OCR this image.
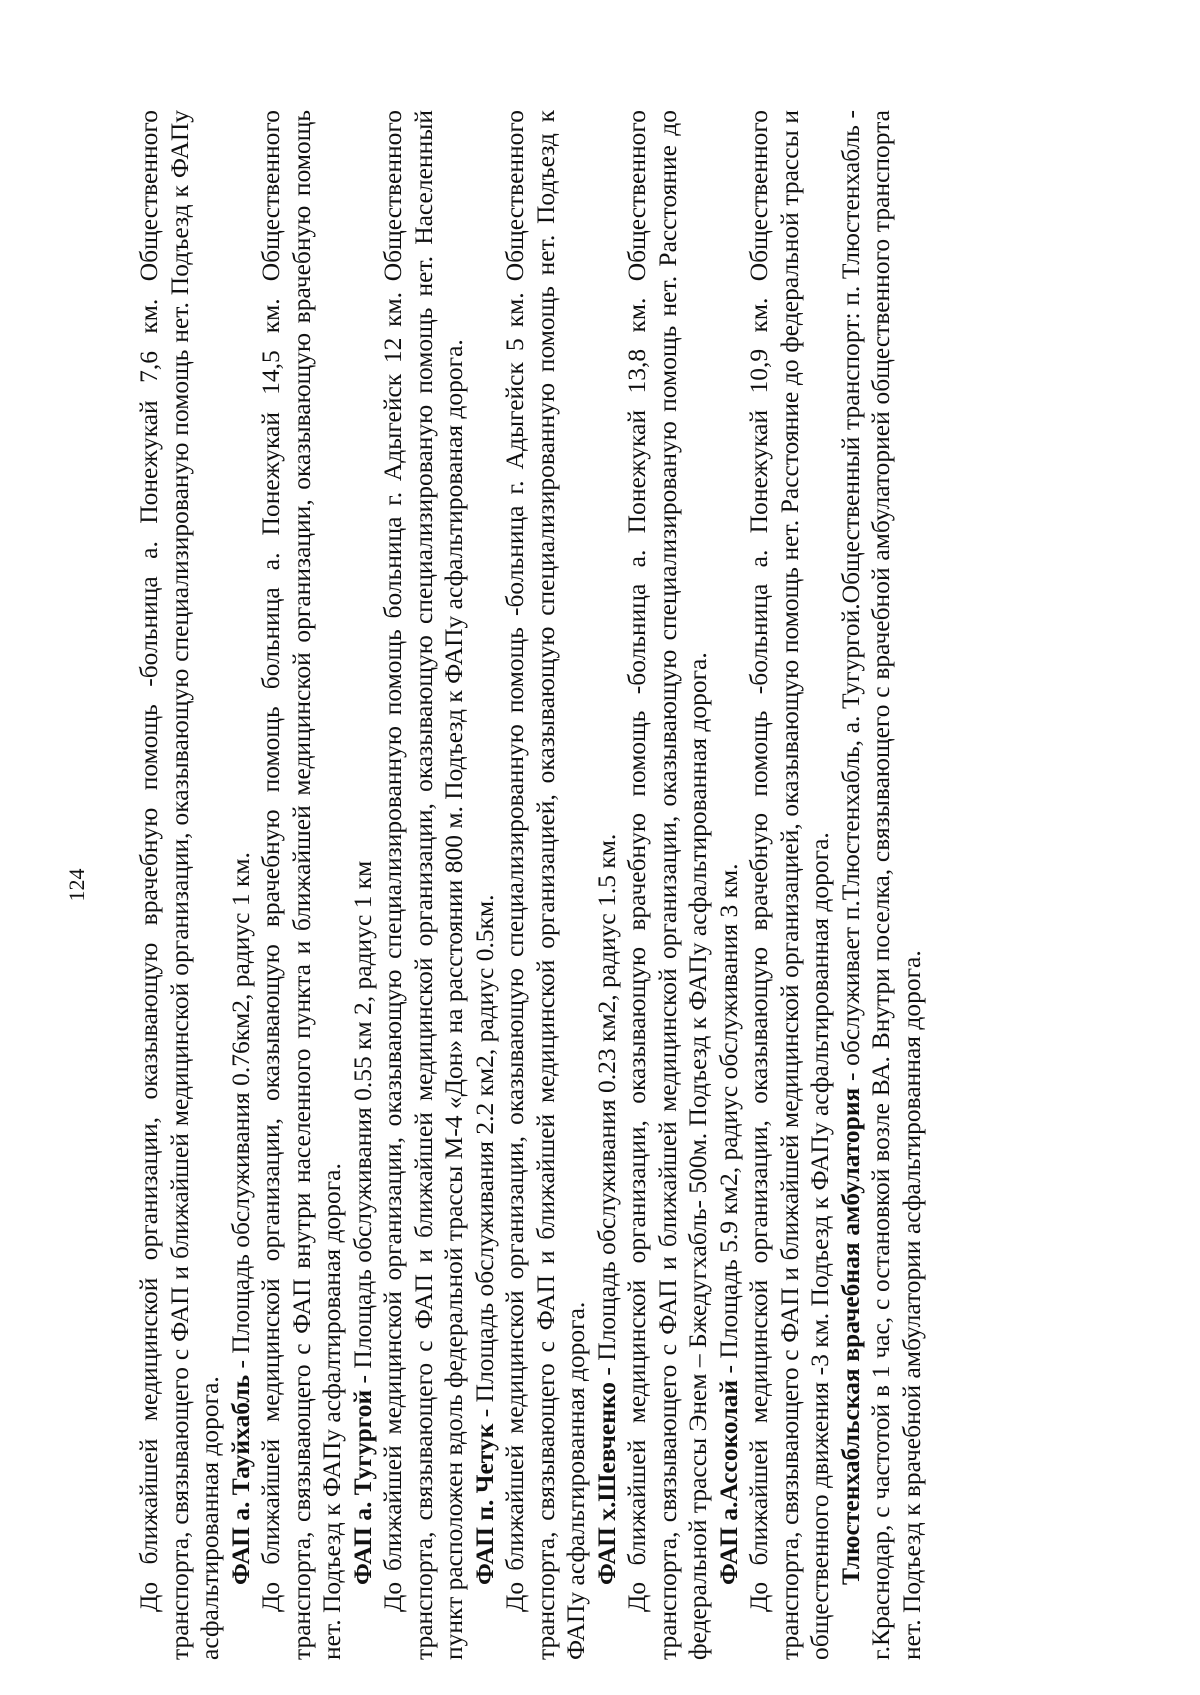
124 До ближайшей медицинской организации, оказывающую врачебную помощь -больница а. Понежукай 7,6 км. Общественного транспорта, связывающего с ФАП и ближайшей медицинской организации, оказывающую специализированую помощь нет. Подъезд к ФАПу асфальтированная дорога. ФАП а. Тауйхабль - Площадь обслуживания 0.76км2, радиус 1 км. До ближайшей медицинской организации, оказывающую врачебную помощь больница а. Понежукай 14,5 км. Общественного транспорта, связывающего с ФАП внутри населенного пункта и ближайшей медицинской организации, оказывающую врачебную помощь нет. Подъезд к ФАПу асфалтированая дорога. ФАП а. Тугургой - Площадь обслуживания 0.55 км 2, радиус 1 км До ближайшей медицинской организации, оказывающую специализированную помощь больница г. Адыгейск 12 км. Общественного транспорта, связывающего с ФАП и ближайшей медицинской организации, оказывающую специализированую помощь нет. Населенный пункт расположен вдоль федеральной трассы М-4 «Дон» на расстоянии 800 м. Подъезд к ФАПу асфальтированая дорога. ФАП п. Четук - Площадь обслуживания 2.2 км2, радиус 0.5км. До ближайшей медицинской организации, оказывающую специализированную помощь -больница г. Адыгейск 5 км. Общественного транспорта, связывающего с ФАП и ближайшей медицинской организацией, оказывающую специализированную помощь нет. Подъезд к ФАПу асфальтированная дорога. ФАП х.Шевченко - Площадь обслуживания 0.23 км2, радиус 1.5 км. До ближайшей медицинской организации, оказывающую врачебную помощь -больница а. Понежукай 13,8 км. Общественного транспорта, связывающего с ФАП и ближайшей медицинской организации, оказывающую специализированую помощь нет. Расстояние до федеральной трассы Энем – Бжедугхабль- 500м. Подъезд к ФАПу асфальтированная дорога. ФАП а.Ассоколай - Площадь 5.9 км2, радиус обслуживания 3 км. До ближайшей медицинской организации, оказывающую врачебную помощь -больница а. Понежукай 10,9 км. Общественного транспорта, связывающего с ФАП и ближайшей медицинской организацией, оказывающую помощь нет. Расстояние до федеральной трассы и общественного движения -3 км. Подъезд к ФАПу асфальтированная дорога. Тлюстенхабльская врачебная амбулатория - обслуживает п.Тлюстенхабль, а. Тугургой.Общественный транспорт: п. Тлюстенхабль - г.Краснодар, с частотой в 1 час, с остановкой возле ВА. Внутри поселка, связывающего с врачебной амбулаторией общественного транспорта нет. Подъезд к врачебной амбулатории асфальтированная дорога.
